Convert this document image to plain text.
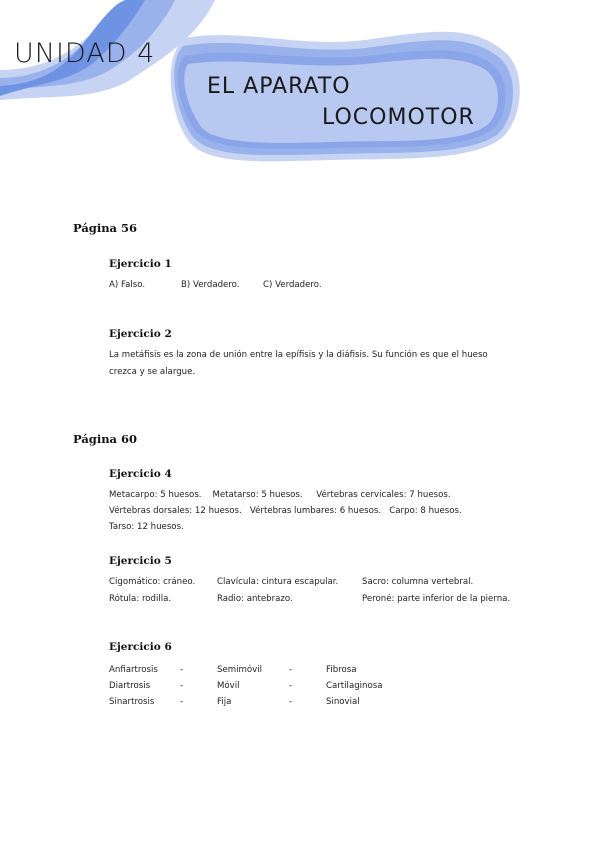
UNIDAD 4
EL APARATO
LOCOMOTOR
Página 56
Ejercicio 1

A) Falso.	B) Verdadero.	C) Verdadero.

Ejercicio 2

La metáfisis es la zona de unión entre la epífisis y la diáfisis. Su función es que el hueso

crezca y se alargue.

Página 60
Ejercicio 4

Metacarpo: 5 huesos.    Metatarso: 5 huesos.     Vértebras cervicales: 7 huesos.

Vértebras dorsales: 12 huesos.   Vértebras lumbares: 6 huesos.   Carpo: 8 huesos.

Tarso: 12 huesos.

Ejercicio 5

Cigomático: cráneo.	Clavícula: cintura escapular.	Sacro: columna vertebral.

Rótula: rodilla.	Radio: antebrazo.	Peroné: parte inferior de la pierna.

Ejercicio 6

Anfiartrosis	-	Semimóvil	-	Fibrosa

Diartrosis	-	Móvil	-	Cartilaginosa

Sinartrosis	-	Fija	-	Sinovial
